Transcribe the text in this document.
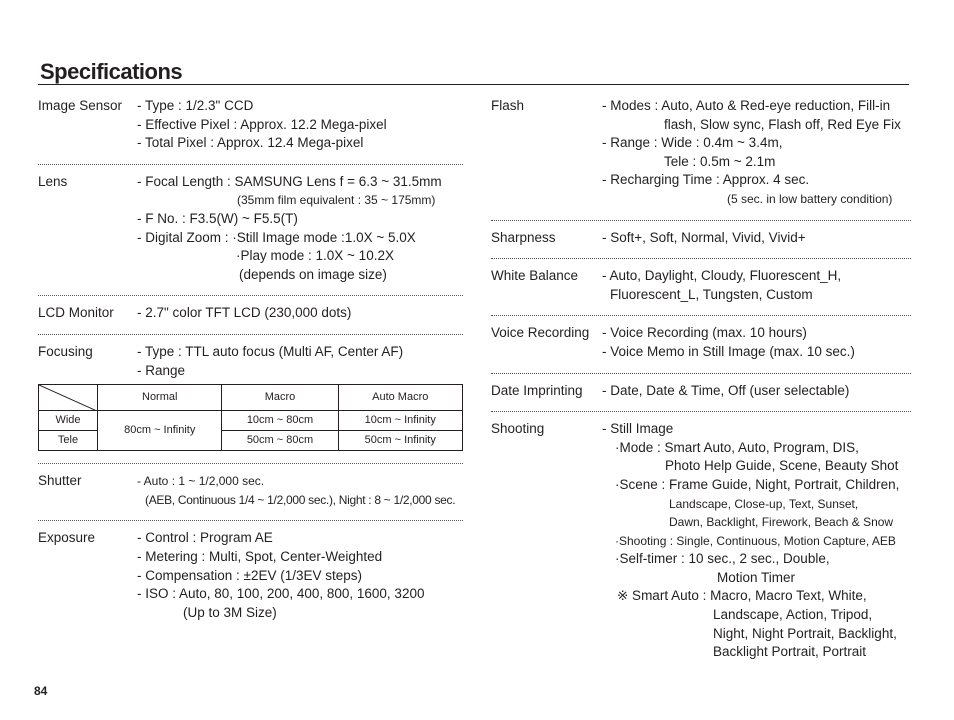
Specifications
Image Sensor	- Type : 1/2.3" CCD
- Effective Pixel : Approx. 12.2 Mega-pixel
- Total Pixel : Approx. 12.4 Mega-pixel
Lens	- Focal Length : SAMSUNG Lens f = 6.3 ~ 31.5mm
(35mm film equivalent : 35 ~ 175mm)
- F No. : F3.5(W) ~ F5.5(T)
- Digital Zoom : ·Still Image mode :1.0X ~ 5.0X
·Play mode : 1.0X ~ 10.2X
(depends on image size)
LCD Monitor	- 2.7" color TFT LCD (230,000 dots)
Focusing	- Type : TTL auto focus (Multi AF, Center AF)
- Range
	Normal	Macro	Auto Macro
Wide	80cm ~ Infinity	10cm ~ 80cm	10cm ~ Infinity
Tele		50cm ~ 80cm	50cm ~ Infinity
Shutter	- Auto : 1 ~ 1/2,000 sec.
(AEB, Continuous 1/4 ~ 1/2,000 sec.), Night : 8 ~ 1/2,000 sec.
Exposure	- Control : Program AE
- Metering : Multi, Spot, Center-Weighted
- Compensation : ±2EV (1/3EV steps)
- ISO : Auto, 80, 100, 200, 400, 800, 1600, 3200
(Up to 3M Size)
Flash	- Modes : Auto, Auto & Red-eye reduction, Fill-in
flash, Slow sync, Flash off, Red Eye Fix
- Range : Wide : 0.4m ~ 3.4m,
Tele : 0.5m ~ 2.1m
- Recharging Time : Approx. 4 sec.
(5 sec. in low battery condition)
Sharpness	- Soft+, Soft, Normal, Vivid, Vivid+
White Balance	- Auto, Daylight, Cloudy, Fluorescent_H,
Fluorescent_L, Tungsten, Custom
Voice Recording - Voice Recording (max. 10 hours)
- Voice Memo in Still Image (max. 10 sec.)
Date Imprinting	- Date, Date & Time, Off (user selectable)
Shooting	- Still Image
·Mode : Smart Auto, Auto, Program, DIS,
Photo Help Guide, Scene, Beauty Shot
·Scene : Frame Guide, Night, Portrait, Children,
Landscape, Close-up, Text, Sunset,
Dawn, Backlight, Firework, Beach & Snow
·Shooting : Single, Continuous, Motion Capture, AEB
·Self-timer : 10 sec., 2 sec., Double,
Motion Timer
※ Smart Auto : Macro, Macro Text, White,
Landscape, Action, Tripod,
Night, Night Portrait, Backlight,
Backlight Portrait, Portrait
84
